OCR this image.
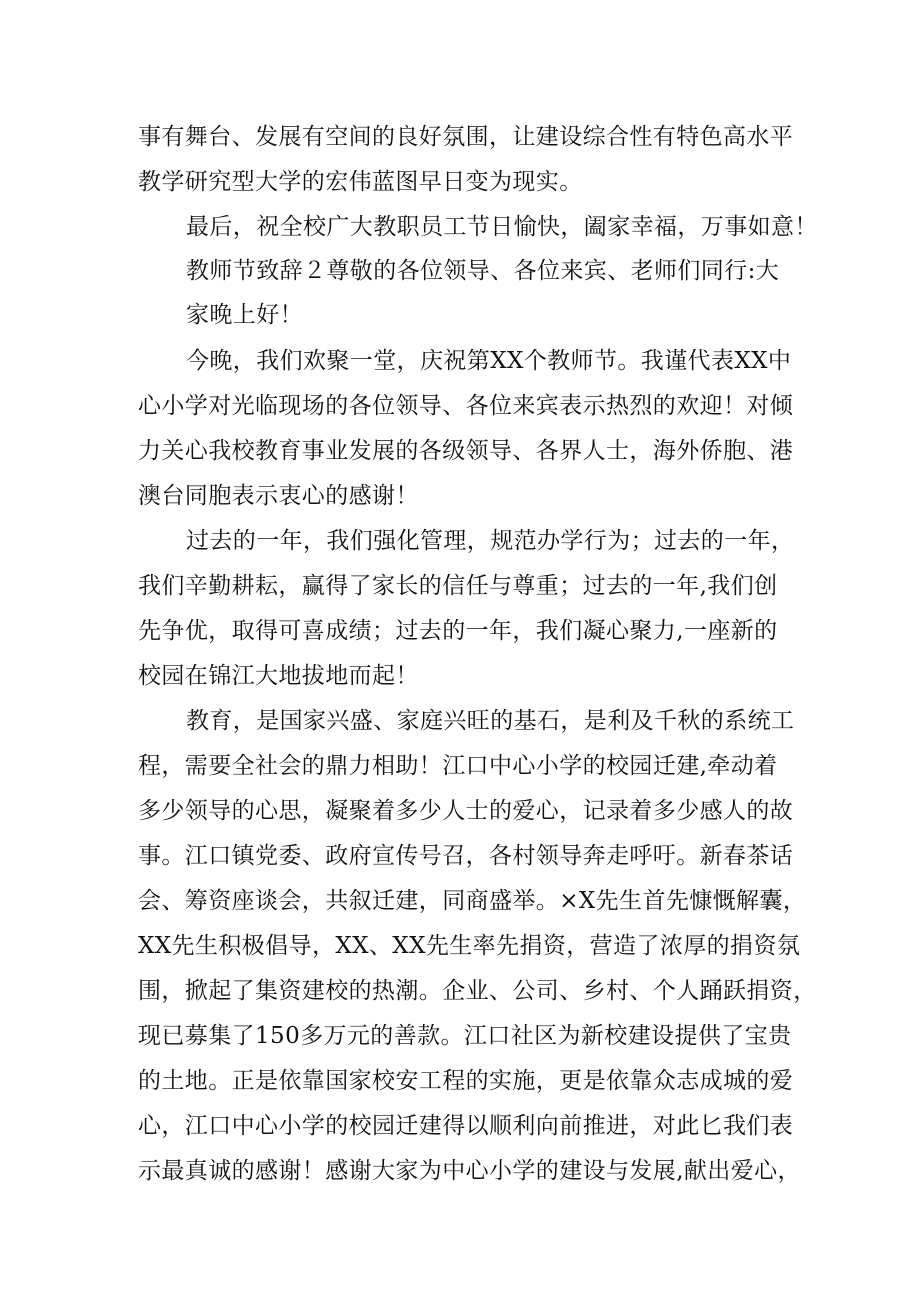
事有舞台、发展有空间的良好氛围，让建设综合性有特色高水平
教学研究型大学的宏伟蓝图早日变为现实。
最后，祝全校广大教职员工节日愉快，阖家幸福，万事如意！
教师节致辞２尊敬的各位领导、各位来宾、老师们同行:大
家晚上好！
今晚，我们欢聚一堂，庆祝第XX个教师节。我谨代表XX中
心小学对光临现场的各位领导、各位来宾表示热烈的欢迎！对倾
力关心我校教育事业发展的各级领导、各界人士，海外侨胞、港
澳台同胞表示衷心的感谢！
过去的一年，我们强化管理，规范办学行为；过去的一年，
我们辛勤耕耘，赢得了家长的信任与尊重；过去的一年,我们创
先争优，取得可喜成绩；过去的一年，我们凝心聚力,一座新的
校园在锦江大地拔地而起！
教育，是国家兴盛、家庭兴旺的基石，是利及千秋的系统工
程，需要全社会的鼎力相助！江口中心小学的校园迁建,牵动着
多少领导的心思，凝聚着多少人士的爱心，记录着多少感人的故
事。江口镇党委、政府宣传号召，各村领导奔走呼吁。新春茶话
会、筹资座谈会，共叙迁建，同商盛举。×X先生首先慷慨解囊，
XX先生积极倡导，XX、XX先生率先捐资，营造了浓厚的捐资氛
围，掀起了集资建校的热潮。企业、公司、乡村、个人踊跃捐资，
现已募集了150多万元的善款。江口社区为新校建设提供了宝贵
的土地。正是依靠国家校安工程的实施，更是依靠众志成城的爱
心，江口中心小学的校园迁建得以顺利向前推进，对此匕我们表
示最真诚的感谢！感谢大家为中心小学的建设与发展,献出爱心，
